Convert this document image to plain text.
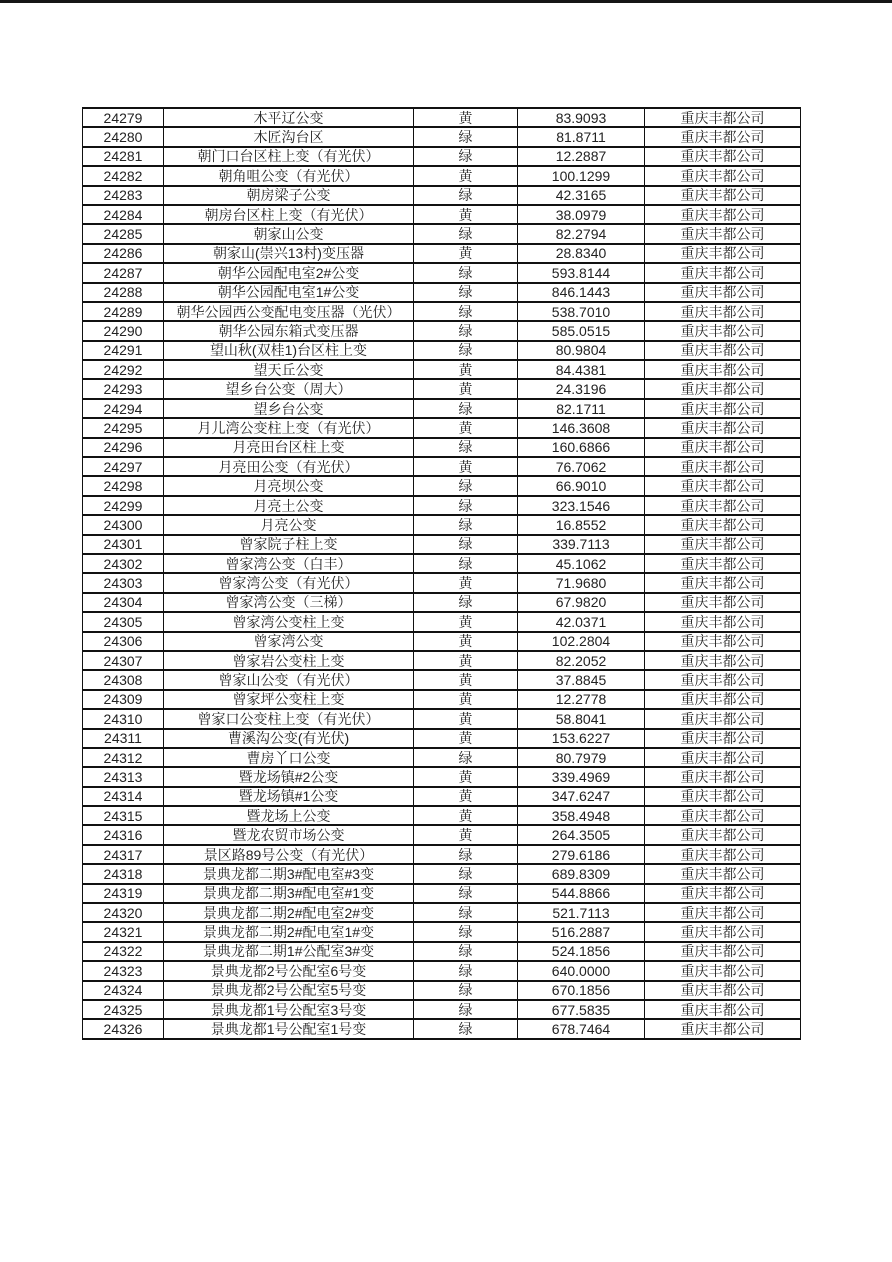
24279	木平辽公变	黄	83.9093	重庆丰都公司
24280	木匠沟台区	绿	81.8711	重庆丰都公司
24281	朝门口台区柱上变（有光伏）	绿	12.2887	重庆丰都公司
24282	朝角咀公变（有光伏）	黄	100.1299	重庆丰都公司
24283	朝房梁子公变	绿	42.3165	重庆丰都公司
24284	朝房台区柱上变（有光伏）	黄	38.0979	重庆丰都公司
24285	朝家山公变	绿	82.2794	重庆丰都公司
24286	朝家山(崇兴13村)变压器	黄	28.8340	重庆丰都公司
24287	朝华公园配电室2#公变	绿	593.8144	重庆丰都公司
24288	朝华公园配电室1#公变	绿	846.1443	重庆丰都公司
24289	朝华公园西公变配电变压器（光伏）	绿	538.7010	重庆丰都公司
24290	朝华公园东箱式变压器	绿	585.0515	重庆丰都公司
24291	望山秋(双桂1)台区柱上变	绿	80.9804	重庆丰都公司
24292	望天丘公变	黄	84.4381	重庆丰都公司
24293	望乡台公变（周大）	黄	24.3196	重庆丰都公司
24294	望乡台公变	绿	82.1711	重庆丰都公司
24295	月儿湾公变柱上变（有光伏）	黄	146.3608	重庆丰都公司
24296	月亮田台区柱上变	绿	160.6866	重庆丰都公司
24297	月亮田公变（有光伏）	黄	76.7062	重庆丰都公司
24298	月亮坝公变	绿	66.9010	重庆丰都公司
24299	月亮土公变	绿	323.1546	重庆丰都公司
24300	月亮公变	绿	16.8552	重庆丰都公司
24301	曾家院子柱上变	绿	339.7113	重庆丰都公司
24302	曾家湾公变（白丰）	绿	45.1062	重庆丰都公司
24303	曾家湾公变（有光伏）	黄	71.9680	重庆丰都公司
24304	曾家湾公变（三梯）	绿	67.9820	重庆丰都公司
24305	曾家湾公变柱上变	黄	42.0371	重庆丰都公司
24306	曾家湾公变	黄	102.2804	重庆丰都公司
24307	曾家岩公变柱上变	黄	82.2052	重庆丰都公司
24308	曾家山公变（有光伏）	黄	37.8845	重庆丰都公司
24309	曾家坪公变柱上变	黄	12.2778	重庆丰都公司
24310	曾家口公变柱上变（有光伏）	黄	58.8041	重庆丰都公司
24311	曹溪沟公变(有光伏)	黄	153.6227	重庆丰都公司
24312	曹房丫口公变	绿	80.7979	重庆丰都公司
24313	暨龙场镇#2公变	黄	339.4969	重庆丰都公司
24314	暨龙场镇#1公变	黄	347.6247	重庆丰都公司
24315	暨龙场上公变	黄	358.4948	重庆丰都公司
24316	暨龙农贸市场公变	黄	264.3505	重庆丰都公司
24317	景区路89号公变（有光伏）	绿	279.6186	重庆丰都公司
24318	景典龙都二期3#配电室#3变	绿	689.8309	重庆丰都公司
24319	景典龙都二期3#配电室#1变	绿	544.8866	重庆丰都公司
24320	景典龙都二期2#配电室2#变	绿	521.7113	重庆丰都公司
24321	景典龙都二期2#配电室1#变	绿	516.2887	重庆丰都公司
24322	景典龙都二期1#公配室3#变	绿	524.1856	重庆丰都公司
24323	景典龙都2号公配室6号变	绿	640.0000	重庆丰都公司
24324	景典龙都2号公配室5号变	绿	670.1856	重庆丰都公司
24325	景典龙都1号公配室3号变	绿	677.5835	重庆丰都公司
24326	景典龙都1号公配室1号变	绿	678.7464	重庆丰都公司
